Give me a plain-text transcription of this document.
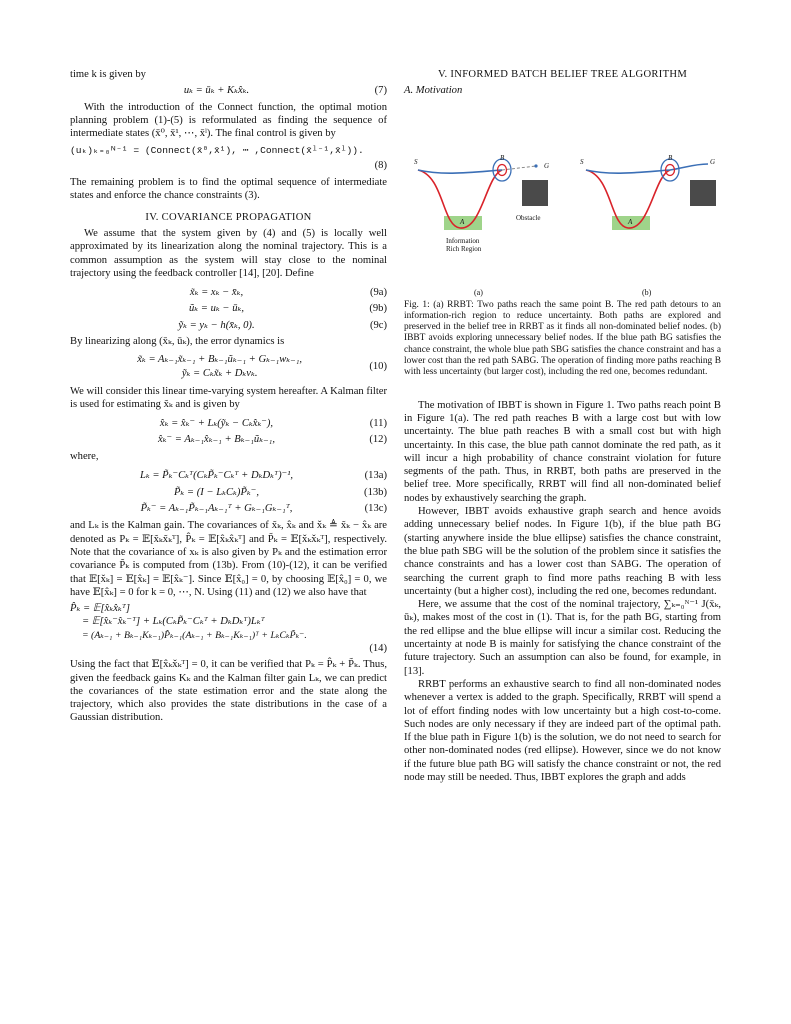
time k is given by

uₖ = ūₖ + Kₖx̂ₖ.	(7)

With the introduction of the Connect function, the optimal motion planning problem (1)-(5) is reformulated as finding the sequence of intermediate states (x̄⁰, x̄¹, ⋯, x̄ˡ). The final control is given by

(uₖ)ₖ₌₀ᴺ⁻¹ = (Connect(x̄⁰,x̄¹), ⋯ ,Connect(x̄ˡ⁻¹,x̄ˡ)).
(8)

The remaining problem is to find the optimal sequence of intermediate states and enforce the chance constraints (3).

IV. COVARIANCE PROPAGATION

We assume that the system given by (4) and (5) is locally well approximated by its linearization along the nominal trajectory. This is a common assumption as the system will stay close to the nominal trajectory using the feedback controller [14], [20]. Define

x̃ₖ = xₖ − x̄ₖ,	(9a)
ũₖ = uₖ − ūₖ,	(9b)
ỹₖ = yₖ − h(x̄ₖ, 0).	(9c)

By linearizing along (x̄ₖ, ūₖ), the error dynamics is

x̃ₖ = Aₖ₋₁x̃ₖ₋₁ + Bₖ₋₁ũₖ₋₁ + Gₖ₋₁wₖ₋₁,
ỹₖ = Cₖx̃ₖ + Dₖvₖ.
(10)

We will consider this linear time-varying system hereafter. A Kalman filter is used for estimating x̃ₖ and is given by

x̂ₖ = x̂ₖ⁻ + Lₖ(ỹₖ − Cₖx̂ₖ⁻),	(11)
x̂ₖ⁻ = Aₖ₋₁x̂ₖ₋₁ + Bₖ₋₁ũₖ₋₁,	(12)

where,

Lₖ = P̃ₖ⁻Cₖᵀ(CₖP̃ₖ⁻Cₖᵀ + DₖDₖᵀ)⁻¹,	(13a)
P̃ₖ = (I − LₖCₖ)P̃ₖ⁻,	(13b)
P̃ₖ⁻ = Aₖ₋₁P̃ₖ₋₁Aₖ₋₁ᵀ + Gₖ₋₁Gₖ₋₁ᵀ,	(13c)

and Lₖ is the Kalman gain. The covariances of x̃ₖ, x̂ₖ and x̌ₖ ≜ x̃ₖ − x̂ₖ are denoted as Pₖ = 𝔼[x̃ₖx̃ₖᵀ], P̂ₖ = 𝔼[x̂ₖx̂ₖᵀ] and P̃ₖ = 𝔼[x̌ₖx̌ₖᵀ], respectively. Note that the covariance of xₖ is also given by Pₖ and the estimation error covariance P̃ₖ is computed from (13b). From (10)-(12), it can be verified that 𝔼[x̌ₖ] = 𝔼[x̂ₖ] = 𝔼[x̂ₖ⁻]. Since 𝔼[x̂₀] = 0, by choosing 𝔼[x̂₀] = 0, we have 𝔼[x̂ₖ] = 0 for k = 0, ⋯, N. Using (11) and (12) we also have that

P̂ₖ = 𝔼[x̂ₖx̂ₖᵀ]
= 𝔼[x̂ₖ⁻x̂ₖ⁻ᵀ] + Lₖ(CₖP̃ₖ⁻Cₖᵀ + DₖDₖᵀ)Lₖᵀ
= (Aₖ₋₁ + Bₖ₋₁Kₖ₋₁)P̂ₖ₋₁(Aₖ₋₁ + Bₖ₋₁Kₖ₋₁)ᵀ + LₖCₖP̃ₖ⁻.
(14)

Using the fact that 𝔼[x̂ₖx̌ₖᵀ] = 0, it can be verified that Pₖ = P̂ₖ + P̃ₖ. Thus, given the feedback gains Kₖ and the Kalman filter gain Lₖ, we can predict the covariances of the state estimation error and the state along the trajectory, which also provides the state distributions in the case of a Gaussian distribution.

V. INFORMED BATCH BELIEF TREE ALGORITHM
A. Motivation
S	B
G
A	Obstacle
Information Rich Region
S	B	G
A
(a)	(b)

Fig. 1: (a) RRBT: Two paths reach the same point B. The red path detours to an information-rich region to reduce uncertainty. Both paths are explored and preserved in the belief tree in RRBT as it finds all non-dominated belief nodes. (b) IBBT avoids exploring unnecessary belief nodes. If the blue path BG satisfies the chance constraint, the whole blue path SBG satisfies the chance constraint and has a lower cost than the red path SABG. The operation of finding more paths reaching B with less uncertainty (but larger cost), including the red one, becomes redundant.

The motivation of IBBT is shown in Figure 1. Two paths reach point B in Figure 1(a). The red path reaches B with a large cost but with low uncertainty. The blue path reaches B with a small cost but with high uncertainty. In this case, the blue path cannot dominate the red path, as it will incur a high probability of chance constraint violation for future segments of the path. Thus, in RRBT, both paths are preserved in the belief tree. More specifically, RRBT will find all non-dominated belief nodes by exhaustively searching the graph.

However, IBBT avoids exhaustive graph search and hence avoids adding unnecessary belief nodes. In Figure 1(b), if the blue path BG (starting anywhere inside the blue ellipse) satisfies the chance constraint, the blue path SBG will be the solution of the problem since it satisfies the chance constraints and has a lower cost than SABG. The operation of searching the current graph to find more paths reaching B with less uncertainty (but a higher cost), including the red one, becomes redundant.

Here, we assume that the cost of the nominal trajectory, ∑ₖ₌₀ᴺ⁻¹ J(x̄ₖ, ūₖ), makes most of the cost in (1). That is, for the path BG, starting from the red ellipse and the blue ellipse will incur a similar cost. Reducing the uncertainty at node B is mainly for satisfying the chance constraint of the future trajectory. Such an assumption can also be found, for example, in [13].

RRBT performs an exhaustive search to find all non-dominated nodes whenever a vertex is added to the graph. Specifically, RRBT will spend a lot of effort finding nodes with low uncertainty but a high cost-to-come. Such nodes are only necessary if they are indeed part of the optimal path. If the blue path in Figure 1(b) is the solution, we do not need to search for other non-dominated nodes (red ellipse). However, since we do not know if the future blue path BG will satisfy the chance constraint or not, the red node may still be needed. Thus, IBBT explores the graph and adds
